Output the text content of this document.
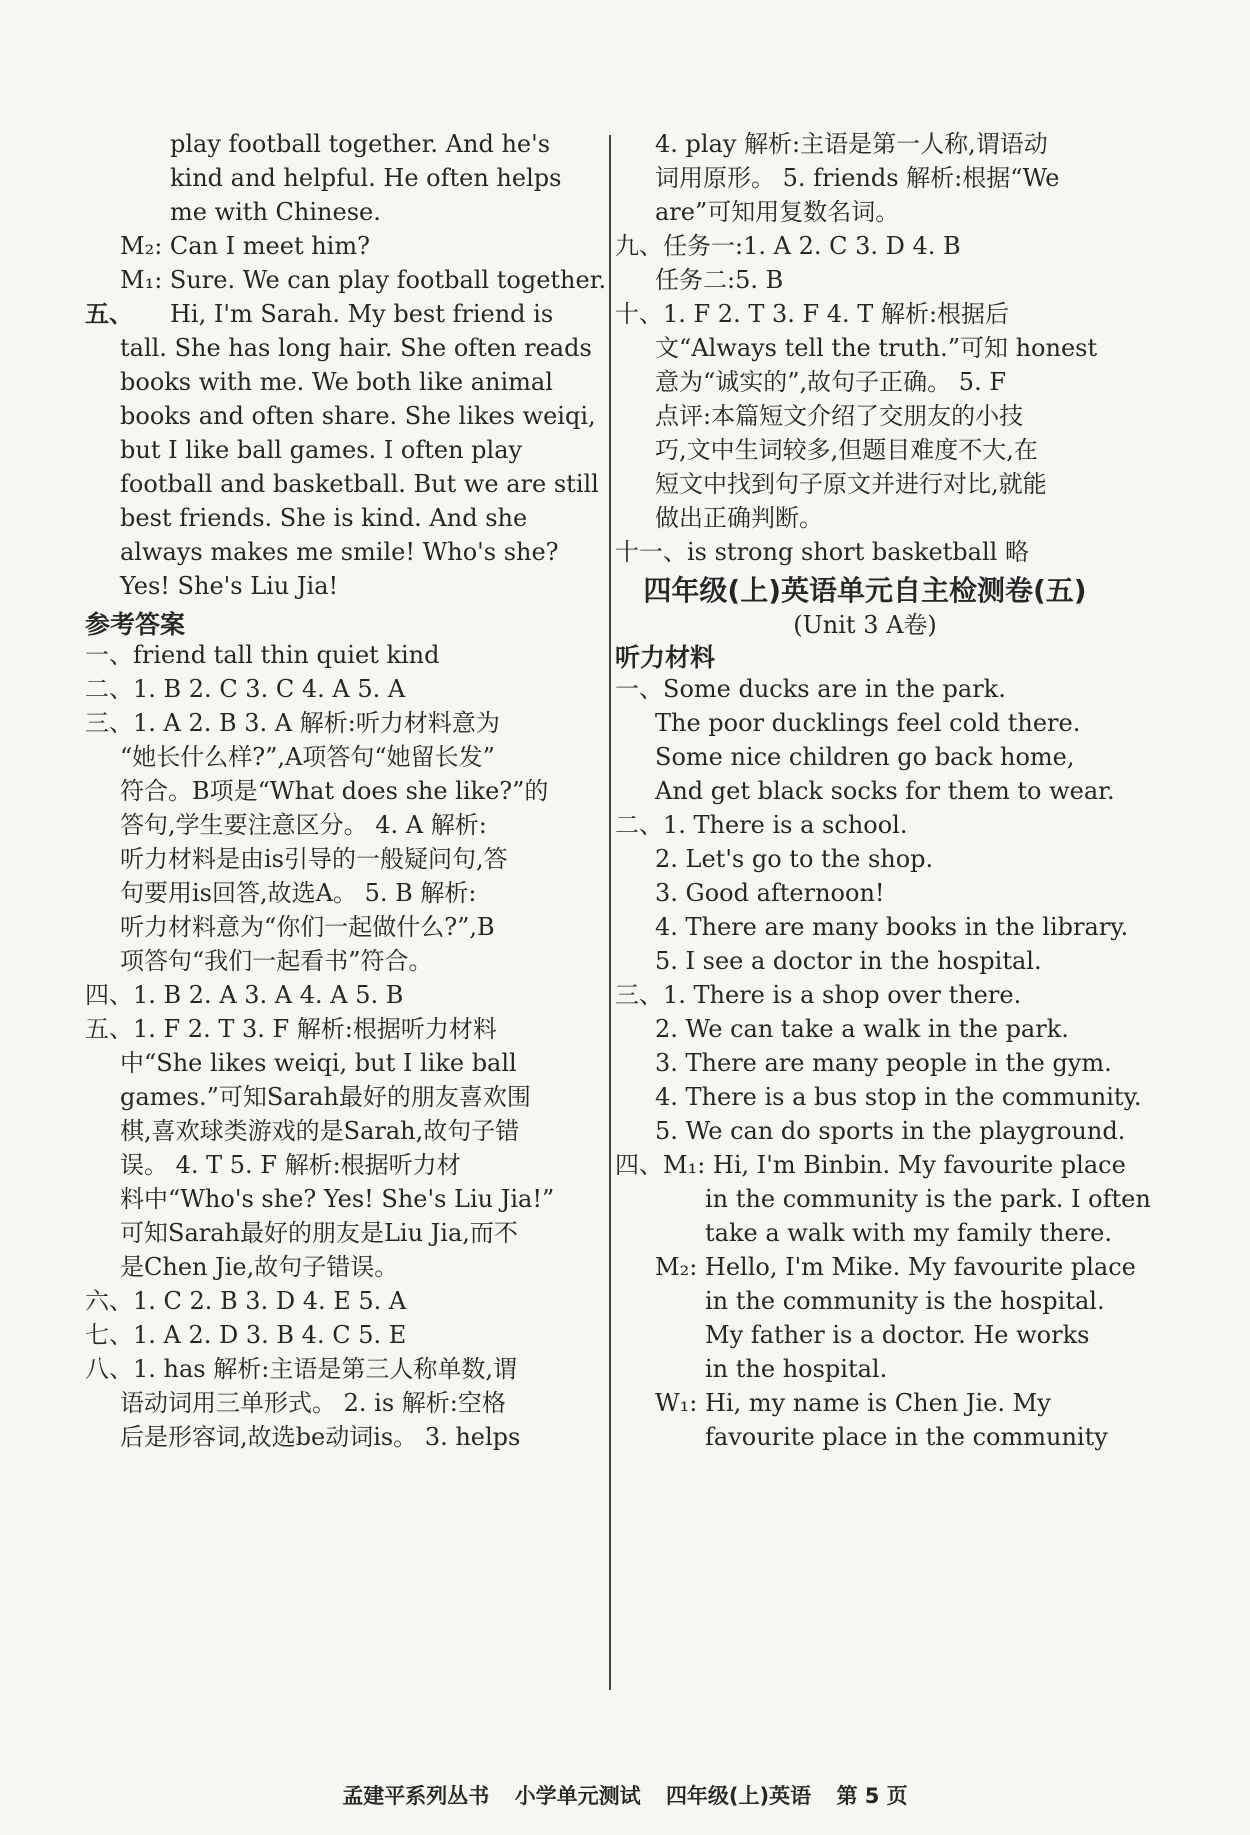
play football together. And he's
kind and helpful. He often helps
me with Chinese.
M₂: Can I meet him?
M₁: Sure. We can play football together.
五、 Hi, I'm Sarah. My best friend is
tall. She has long hair. She often reads
books with me. We both like animal
books and often share. She likes weiqi,
but I like ball games. I often play
football and basketball. But we are still
best friends. She is kind. And she
always makes me smile! Who's she?
Yes! She's Liu Jia!
参考答案
一、friend tall thin quiet kind
二、1. B 2. C 3. C 4. A 5. A
三、1. A 2. B 3. A 解析:听力材料意为
“她长什么样?”,A项答句“她留长发”
符合。B项是“What does she like?”的
答句,学生要注意区分。 4. A 解析:
听力材料是由is引导的一般疑问句,答
句要用is回答,故选A。 5. B 解析:
听力材料意为“你们一起做什么?”,B
项答句“我们一起看书”符合。
四、1. B 2. A 3. A 4. A 5. B
五、1. F 2. T 3. F 解析:根据听力材料
中“She likes weiqi, but I like ball
games.”可知Sarah最好的朋友喜欢围
棋,喜欢球类游戏的是Sarah,故句子错
误。 4. T 5. F 解析:根据听力材
料中“Who's she? Yes! She's Liu Jia!”
可知Sarah最好的朋友是Liu Jia,而不
是Chen Jie,故句子错误。
六、1. C 2. B 3. D 4. E 5. A
七、1. A 2. D 3. B 4. C 5. E
八、1. has 解析:主语是第三人称单数,谓
语动词用三单形式。 2. is 解析:空格
后是形容词,故选be动词is。 3. helps
4. play 解析:主语是第一人称,谓语动
词用原形。 5. friends 解析:根据“We
are”可知用复数名词。
九、任务一:1. A 2. C 3. D 4. B
任务二:5. B
十、1. F 2. T 3. F 4. T 解析:根据后
文“Always tell the truth.”可知 honest
意为“诚实的”,故句子正确。 5. F
点评:本篇短文介绍了交朋友的小技
巧,文中生词较多,但题目难度不大,在
短文中找到句子原文并进行对比,就能
做出正确判断。
十一、is strong short basketball 略
四年级(上)英语单元自主检测卷(五)
(Unit 3 A卷)
听力材料
一、Some ducks are in the park.
The poor ducklings feel cold there.
Some nice children go back home,
And get black socks for them to wear.
二、1. There is a school.
2. Let's go to the shop.
3. Good afternoon!
4. There are many books in the library.
5. I see a doctor in the hospital.
三、1. There is a shop over there.
2. We can take a walk in the park.
3. There are many people in the gym.
4. There is a bus stop in the community.
5. We can do sports in the playground.
四、M₁: Hi, I'm Binbin. My favourite place
in the community is the park. I often
take a walk with my family there.
M₂: Hello, I'm Mike. My favourite place
in the community is the hospital.
My father is a doctor. He works
in the hospital.
W₁: Hi, my name is Chen Jie. My
favourite place in the community
孟建平系列丛书 小学单元测试 四年级(上)英语 第 5 页
